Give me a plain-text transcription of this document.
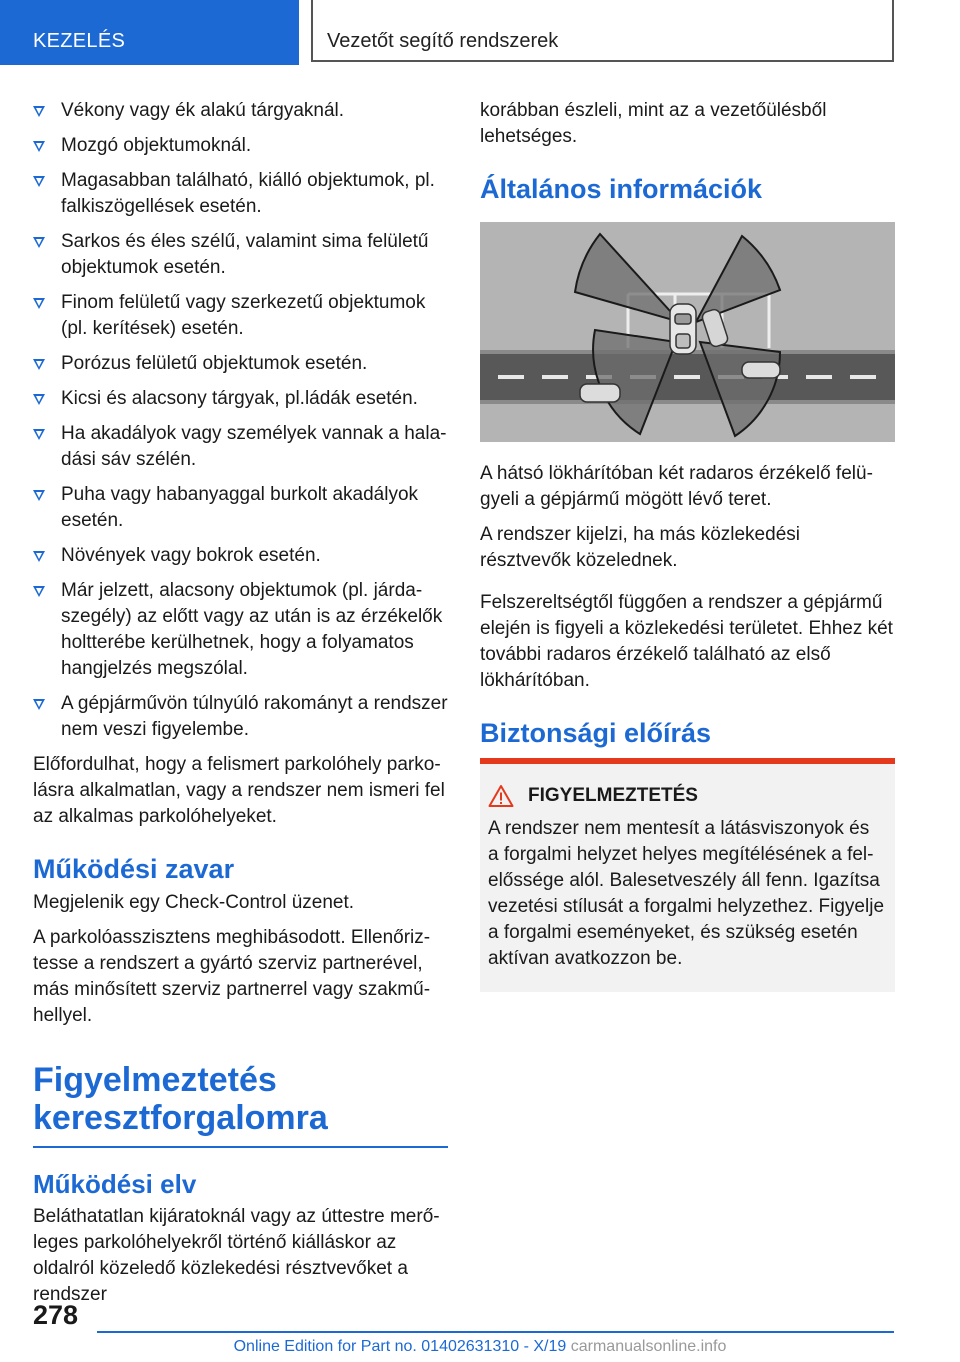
KEZELÉS	Vezetőt segítő rendszerek
Vékony vagy ék alakú tárgyaknál.
Mozgó objektumoknál.
Magasabban található, kiálló objektumok, pl. falkiszögellések esetén.
Sarkos és éles szélű, valamint sima felületű objektumok esetén.
Finom felületű vagy szerkezetű objektumok (pl. kerítések) esetén.
Porózus felületű objektumok esetén.
Kicsi és alacsony tárgyak, pl.ládák esetén.
Ha akadályok vagy személyek vannak a haladási sáv szélén.
Puha vagy habanyaggal burkolt akadályok esetén.
Növények vagy bokrok esetén.
Már jelzett, alacsony objektumok (pl. járdaszegély) az előtt vagy az után is az érzékelők holtterébe kerülhetnek, hogy a folyamatos hangjelzés megszólal.
A gépjárművön túlnyúló rakományt a rendszer nem veszi figyelembe.

Előfordulhat, hogy a felismert parkolóhely parkolásra alkalmatlan, vagy a rendszer nem ismeri fel az alkalmas parkolóhelyeket.

Működési zavar

Megjelenik egy Check-Control üzenet.

A parkolóasszisztens meghibásodott. Ellenőriztesse a rendszert a gyártó szerviz partnerével, más minősített szerviz partnerrel vagy szakműhellyel.

Figyelmeztetés keresztforgalomra
Működési elv

Beláthatatlan kijáratoknál vagy az úttestre merőleges parkolóhelyekről történő kiálláskor az oldalról közeledő közlekedési résztvevőket a rendszer

korábban észleli, mint az a vezetőülésből lehetséges.

Általános információk

A hátsó lökhárítóban két radaros érzékelő felügyeli a gépjármű mögött lévő teret.

A rendszer kijelzi, ha más közlekedési résztvevők közelednek.

Felszereltségtől függően a rendszer a gépjármű elején is figyeli a közlekedési területet. Ehhez két további radaros érzékelő található az első lökhárítóban.

Biztonsági előírás
FIGYELMEZTETÉS

A rendszer nem mentesít a látásviszonyok és a forgalmi helyzet helyes megítélésének a felelőssége alól. Balesetveszély áll fenn. Igazítsa vezetési stílusát a forgalmi helyzethez. Figyelje a forgalmi eseményeket, és szükség esetén aktívan avatkozzon be.

278
Online Edition for Part no. 01402631310 - X/19 carmanualsonline.info
